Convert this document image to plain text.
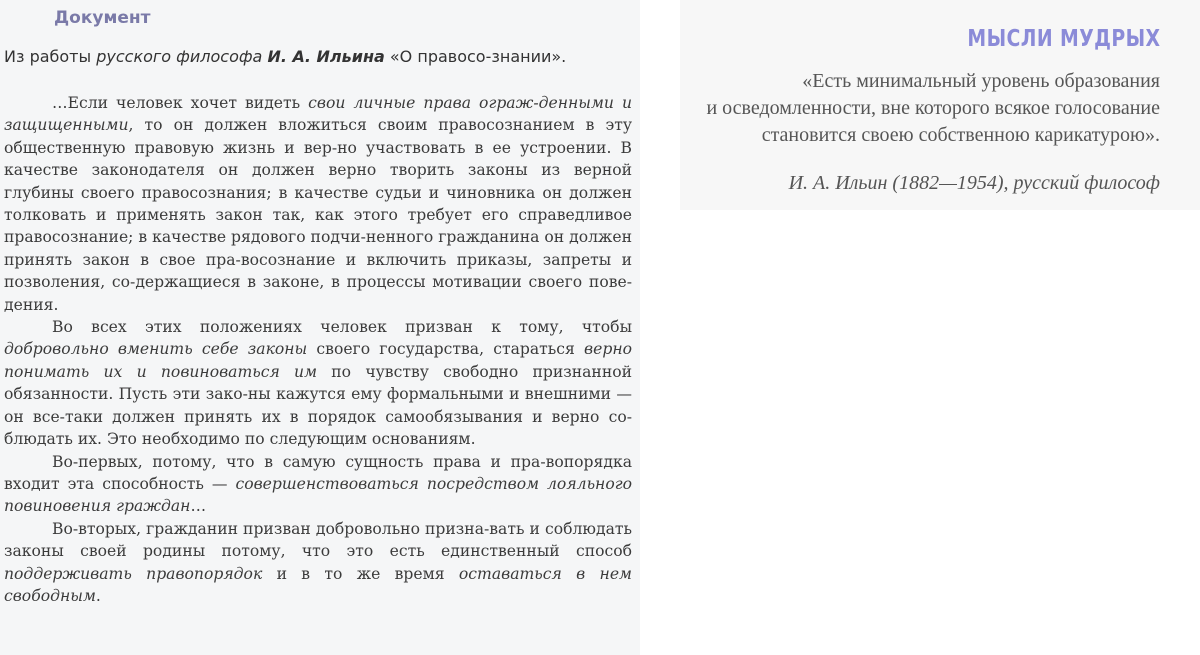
Документ
Из работы русского философа И. А. Ильина «О правосо-знании».

…Если человек хочет видеть свои личные права ограж-денными и защищенными, то он должен вложиться своим правосознанием в эту общественную правовую жизнь и вер-но участвовать в ее устроении. В качестве законодателя он должен верно творить законы из верной глубины своего правосознания; в качестве судьи и чиновника он должен толковать и применять закон так, как этого требует его справедливое правосознание; в качестве рядового подчи-ненного гражданина он должен принять закон в свое пра-восознание и включить приказы, запреты и позволения, со-держащиеся в законе, в процессы мотивации своего пове-дения.

Во всех этих положениях человек призван к тому, чтобы добровольно вменить себе законы своего государства, стараться верно понимать их и повиноваться им по чувству свободно признанной обязанности. Пусть эти зако-ны кажутся ему формальными и внешними — он все-таки должен принять их в порядок самообязывания и верно со-блюдать их. Это необходимо по следующим основаниям.

Во-первых, потому, что в самую сущность права и пра-вопорядка входит эта способность — совершенствоваться посредством лояльного повиновения граждан…

Во-вторых, гражданин призван добровольно призна-вать и соблюдать законы своей родины потому, что это есть единственный способ поддерживать правопорядок и в то же время оставаться в нем свободным.

МЫСЛИ МУДРЫХ
«Есть минимальный уровень образования
и осведомленности, вне которого всякое голосование
становится своею собственною карикатурою».
И. А. Ильин (1882—1954), русский философ
